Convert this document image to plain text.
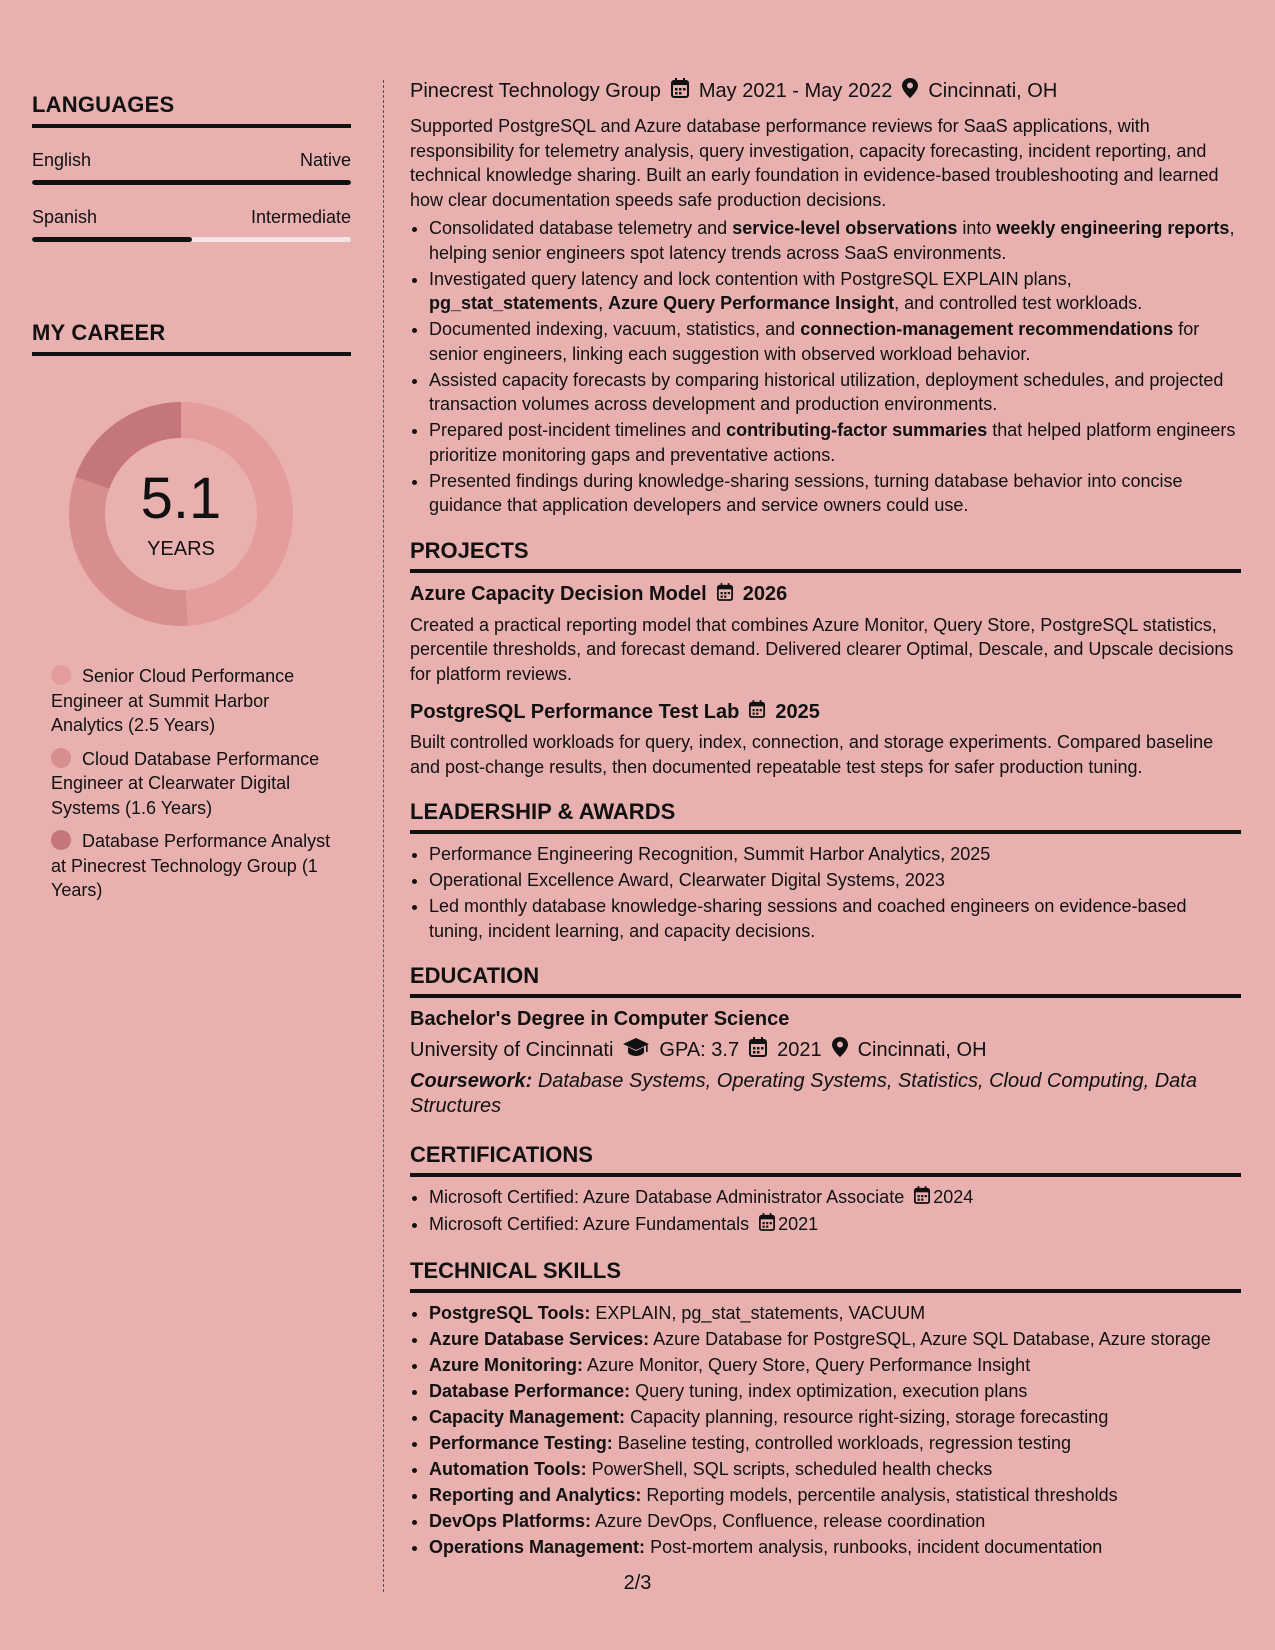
LANGUAGES
English	Native
Spanish	Intermediate
MY CAREER
5.1
YEARS
Senior Cloud Performance Engineer at Summit Harbor Analytics (2.5 Years)
Cloud Database Performance Engineer at Clearwater Digital Systems (1.6 Years)
Database Performance Analyst at Pinecrest Technology Group (1 Years)
Pinecrest Technology Group May 2021 - May 2022 Cincinnati, OH

Supported PostgreSQL and Azure database performance reviews for SaaS applications, with responsibility for telemetry analysis, query investigation, capacity forecasting, incident reporting, and technical knowledge sharing. Built an early foundation in evidence-based troubleshooting and learned how clear documentation speeds safe production decisions.

• Consolidated database telemetry and service-level observations into weekly engineering reports, helping senior engineers spot latency trends across SaaS environments.
• Investigated query latency and lock contention with PostgreSQL EXPLAIN plans, pg_stat_statements, Azure Query Performance Insight, and controlled test workloads.
• Documented indexing, vacuum, statistics, and connection-management recommendations for senior engineers, linking each suggestion with observed workload behavior.
• Assisted capacity forecasts by comparing historical utilization, deployment schedules, and projected transaction volumes across development and production environments.
• Prepared post-incident timelines and contributing-factor summaries that helped platform engineers prioritize monitoring gaps and preventative actions.
• Presented findings during knowledge-sharing sessions, turning database behavior into concise guidance that application developers and service owners could use.
PROJECTS
Azure Capacity Decision Model 2026

Created a practical reporting model that combines Azure Monitor, Query Store, PostgreSQL statistics, percentile thresholds, and forecast demand. Delivered clearer Optimal, Descale, and Upscale decisions for platform reviews.

PostgreSQL Performance Test Lab 2025

Built controlled workloads for query, index, connection, and storage experiments. Compared baseline and post-change results, then documented repeatable test steps for safer production tuning.

LEADERSHIP & AWARDS
• Performance Engineering Recognition, Summit Harbor Analytics, 2025
• Operational Excellence Award, Clearwater Digital Systems, 2023
• Led monthly database knowledge-sharing sessions and coached engineers on evidence-based tuning, incident learning, and capacity decisions.
EDUCATION
Bachelor's Degree in Computer Science
University of Cincinnati GPA: 3.7 2021 Cincinnati, OH
Coursework: Database Systems, Operating Systems, Statistics, Cloud Computing, Data Structures
CERTIFICATIONS
• Microsoft Certified: Azure Database Administrator Associate 2024
• Microsoft Certified: Azure Fundamentals 2021
TECHNICAL SKILLS
• PostgreSQL Tools: EXPLAIN, pg_stat_statements, VACUUM
• Azure Database Services: Azure Database for PostgreSQL, Azure SQL Database, Azure storage
• Azure Monitoring: Azure Monitor, Query Store, Query Performance Insight
• Database Performance: Query tuning, index optimization, execution plans
• Capacity Management: Capacity planning, resource right-sizing, storage forecasting
• Performance Testing: Baseline testing, controlled workloads, regression testing
• Automation Tools: PowerShell, SQL scripts, scheduled health checks
• Reporting and Analytics: Reporting models, percentile analysis, statistical thresholds
• DevOps Platforms: Azure DevOps, Confluence, release coordination
• Operations Management: Post-mortem analysis, runbooks, incident documentation
2/3
